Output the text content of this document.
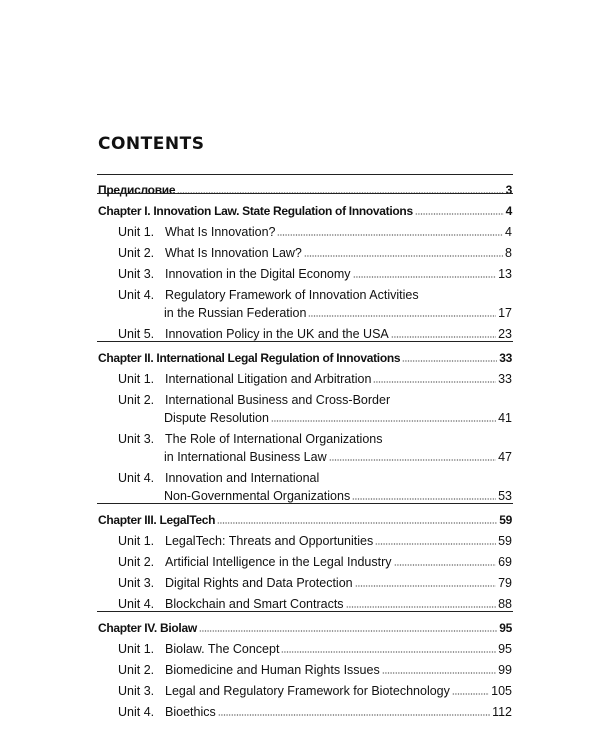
CONTENTS
Предисловие	3
Chapter I. Innovation Law. State Regulation of Innovations	4
Unit 1. What Is Innovation?	4
Unit 2. What Is Innovation Law?	8
Unit 3. Innovation in the Digital Economy	13
Unit 4. Regulatory Framework of Innovation Activities
in the Russian Federation	17
Unit 5. Innovation Policy in the UK and the USA	23
Chapter II. International Legal Regulation of Innovations	33
Unit 1. International Litigation and Arbitration	33
Unit 2. International Business and Cross-Border
Dispute Resolution	41
Unit 3. The Role of International Organizations
in International Business Law	47
Unit 4. Innovation and International
Non-Governmental Organizations	53
Chapter III. LegalTech	59
Unit 1. LegalTech: Threats and Opportunities	59
Unit 2. Artificial Intelligence in the Legal Industry	69
Unit 3. Digital Rights and Data Protection	79
Unit 4. Blockchain and Smart Contracts	88
Chapter IV. Biolaw	95
Unit 1. Biolaw. The Concept	95
Unit 2. Biomedicine and Human Rights Issues	99
Unit 3. Legal and Regulatory Framework for Biotechnology	105
Unit 4. Bioethics	112
